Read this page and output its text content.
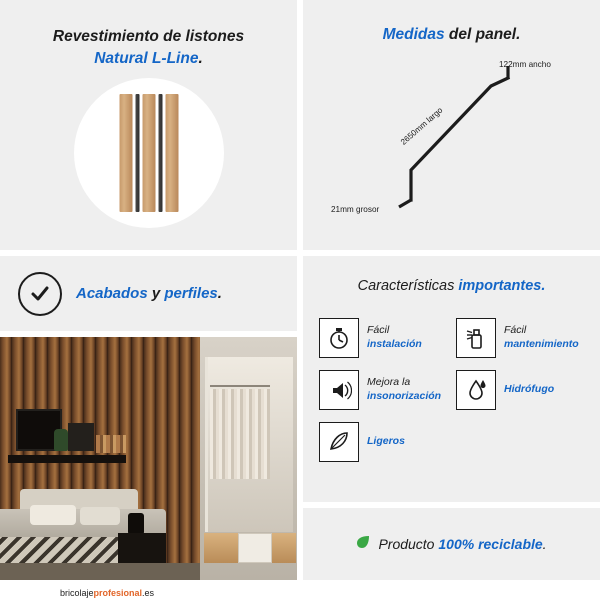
Revestimiento de listones
Natural L-Line.
Medidas del panel.
122mm ancho
21mm grosor
2650mm largo
Acabados y perfiles.	Características importantes.
Fácil
instalación
Fácil
mantenimiento
Mejora la
insonorización
Hidrófugo
Ligeros
Producto 100% reciclable.
bricolajeprofesional.es
